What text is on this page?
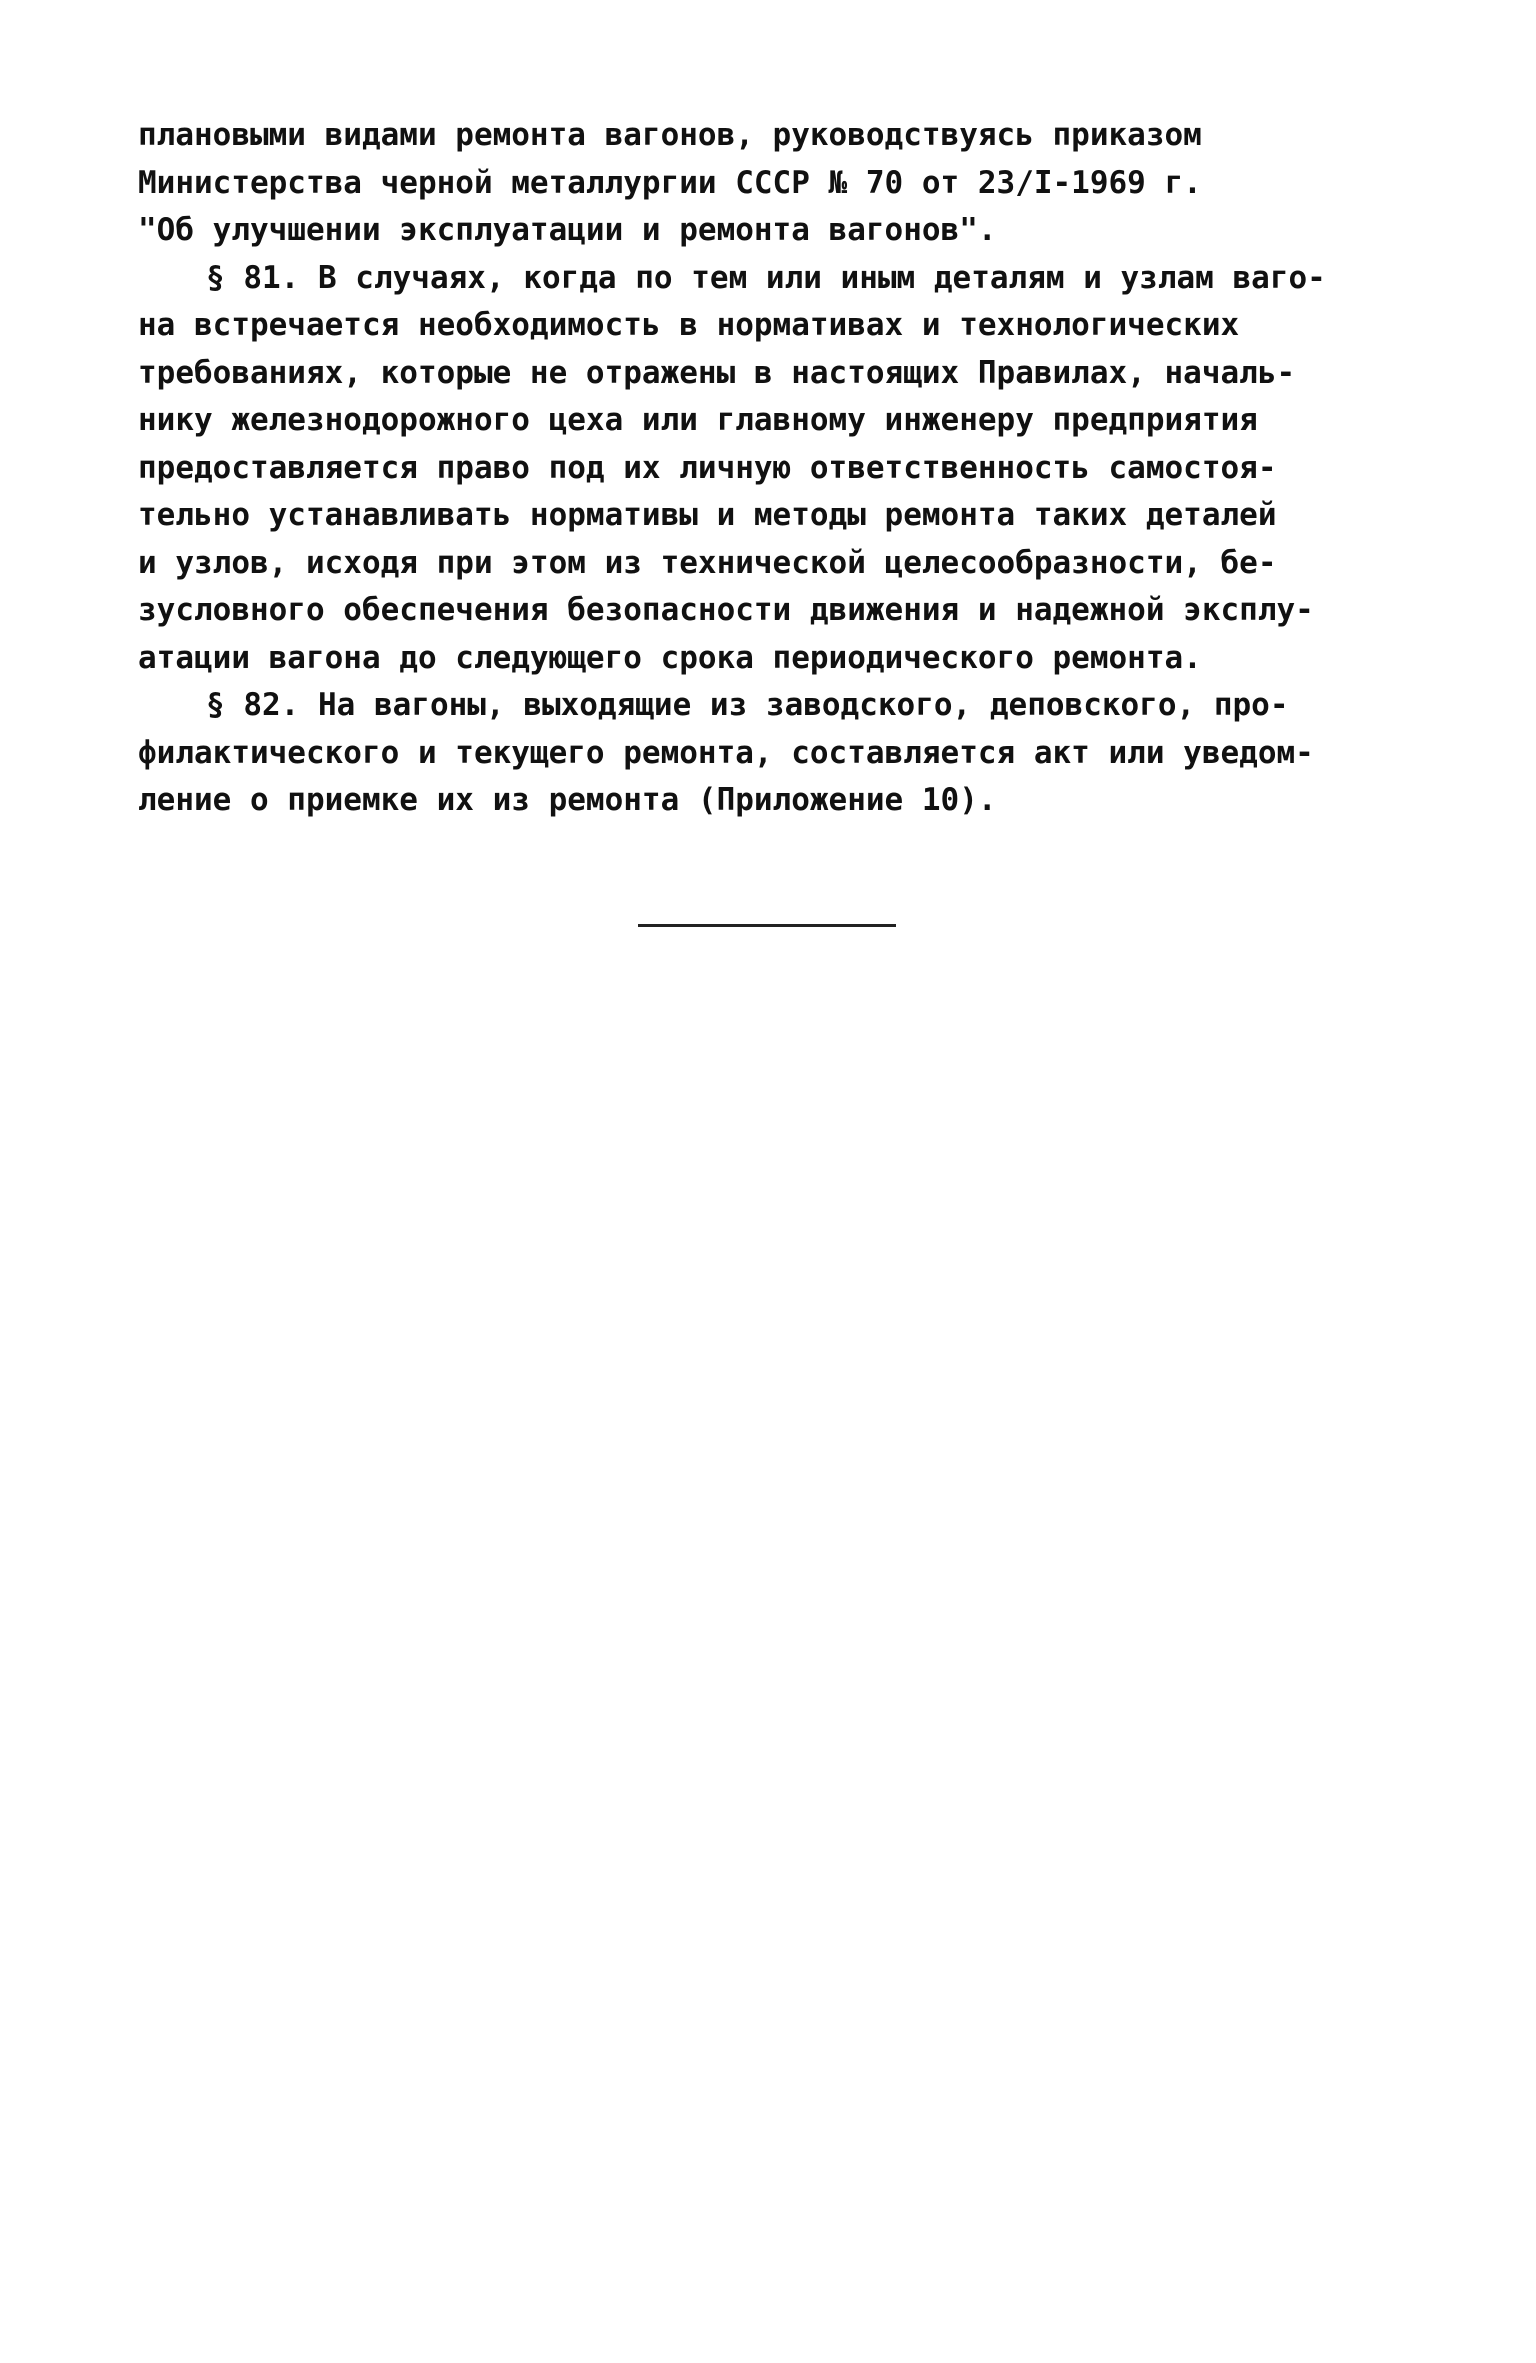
плановыми видами ремонта вагонов, руководствуясь приказом
Министерства черной металлургии СССР № 70 от 23/I-1969 г.
"Об улучшении эксплуатации и ремонта вагонов".
§ 81. В случаях, когда по тем или иным деталям и узлам ваго-
на встречается необходимость в нормативах и технологических
требованиях, которые не отражены в настоящих Правилах, началь-
нику железнодорожного цеха или главному инженеру предприятия
предоставляется право под их личную ответственность самостоя-
тельно устанавливать нормативы и методы ремонта таких деталей
и узлов, исходя при этом из технической целесообразности, бе-
зусловного обеспечения безопасности движения и надежной эксплу-
атации вагона до следующего срока периодического ремонта.
§ 82. На вагоны, выходящие из заводского, деповского, про-
филактического и текущего ремонта, составляется акт или уведом-
ление о приемке их из ремонта (Приложение 10).
